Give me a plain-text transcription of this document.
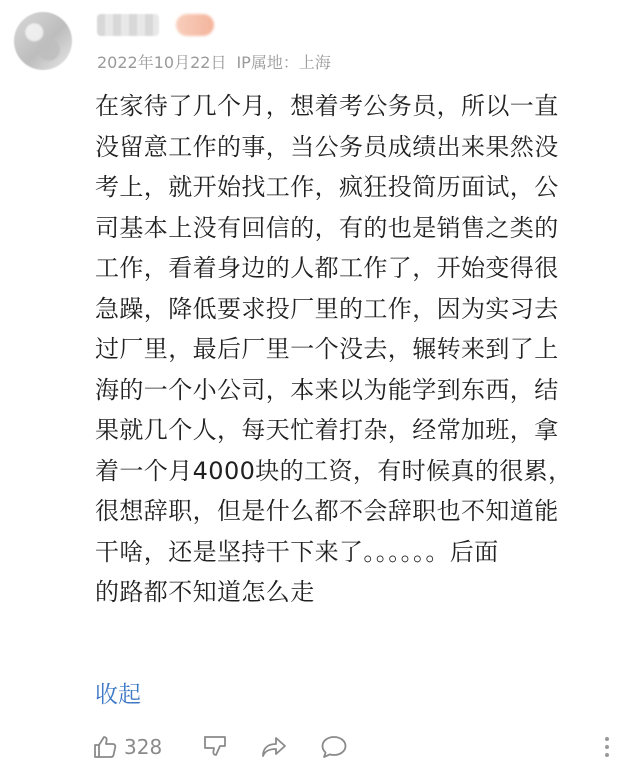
2022年10月22日 IP属地：上海
在家待了几个月，想着考公务员，所以一直
没留意工作的事，当公务员成绩出来果然没
考上，就开始找工作，疯狂投简历面试，公
司基本上没有回信的，有的也是销售之类的
工作，看着身边的人都工作了，开始变得很
急躁，降低要求投厂里的工作，因为实习去
过厂里，最后厂里一个没去，辗转来到了上
海的一个小公司，本来以为能学到东西，结
果就几个人，每天忙着打杂，经常加班，拿
着一个月4000块的工资，有时候真的很累，
很想辞职，但是什么都不会辞职也不知道能
干啥，还是坚持干下来了。。。。。。后面
的路都不知道怎么走
收起
328
